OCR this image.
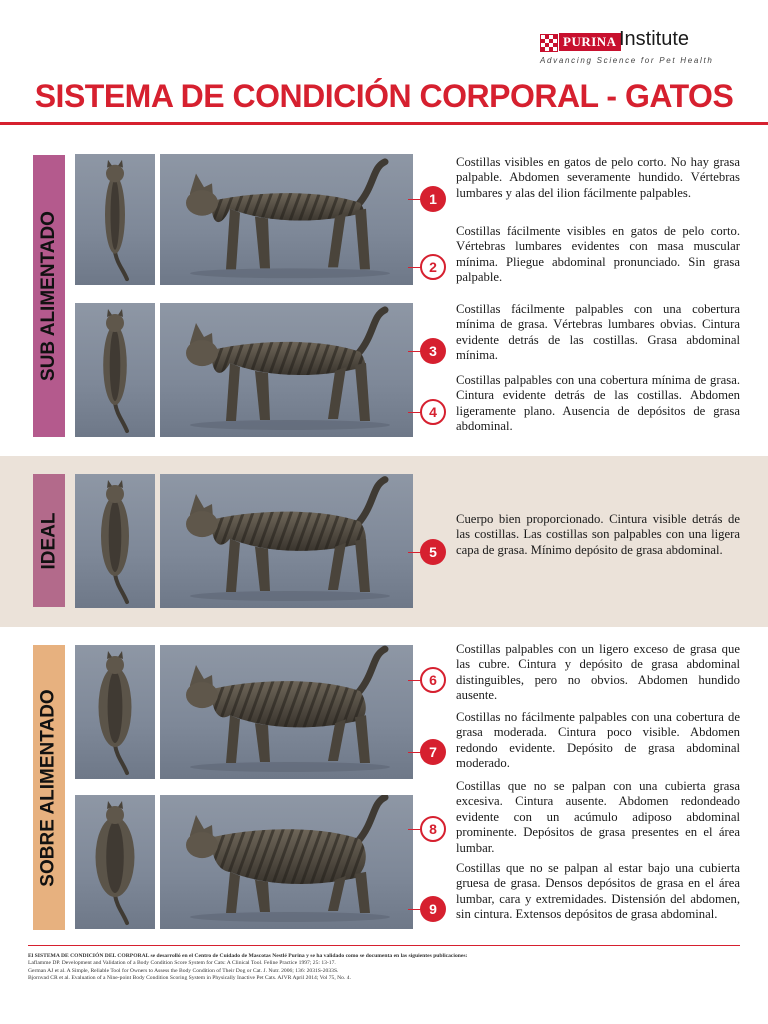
PURINA Institute
Advancing Science for Pet Health
SISTEMA DE CONDICIÓN CORPORAL - GATOS
SUB ALIMENTADO
IDEAL
SOBRE ALIMENTADO
1
Costillas visibles en gatos de pelo corto. No hay grasa palpable. Abdomen severamente hundido. Vértebras lumbares y alas del ilion fácilmente palpables.
2
Costillas fácilmente visibles en gatos de pelo corto. Vértebras lumbares evidentes con masa muscular mínima. Pliegue abdominal pronunciado. Sin grasa palpable.
3
Costillas fácilmente palpables con una cobertura mínima de grasa. Vértebras lumbares obvias. Cintura evidente detrás de las costillas. Grasa abdominal mínima.
4
Costillas palpables con una cobertura mínima de grasa. Cintura evidente detrás de las costillas. Abdomen ligeramente plano. Ausencia de depósitos de grasa abdominal.
5
Cuerpo bien proporcionado. Cintura visible detrás de las costillas. Las costillas son palpables con una ligera capa de grasa. Mínimo depósito de grasa abdominal.
6
Costillas palpables con un ligero exceso de grasa que las cubre. Cintura y depósito de grasa abdominal distinguibles, pero no obvios. Abdomen hundido ausente.
7
Costillas no fácilmente palpables con una cobertura de grasa moderada. Cintura poco visible. Abdomen redondo evidente. Depósito de grasa abdominal moderado.
8
Costillas que no se palpan con una cubierta grasa excesiva. Cintura ausente. Abdomen redondeado evidente con un acúmulo adiposo abdominal prominente. Depósitos de grasa presentes en el área lumbar.
9
Costillas que no se palpan al estar bajo una cubierta gruesa de grasa. Densos depósitos de grasa en el área lumbar, cara y extremidades. Distensión del abdomen, sin cintura. Extensos depósitos de grasa abdominal.
El SISTEMA DE CONDICIÓN DEL CORPORAL se desarrolló en el Centro de Cuidado de Mascotas Nestlé Purina y se ha validado como se documenta en las siguientes publicaciones:
Laflamme DP. Development and Validation of a Body Condition Score System for Cats: A Clinical Tool. Feline Practice 1997; 25: 13-17.
German AJ et al. A Simple, Reliable Tool for Owners to Assess the Body Condition of Their Dog or Cat. J. Nutr. 2006; 136: 2031S-2033S.
Bjornvad CR et al. Evaluation of a Nine-point Body Condition Scoring System in Physically Inactive Pet Cats. AJVR April 2014; Vol 75, No. 4.
